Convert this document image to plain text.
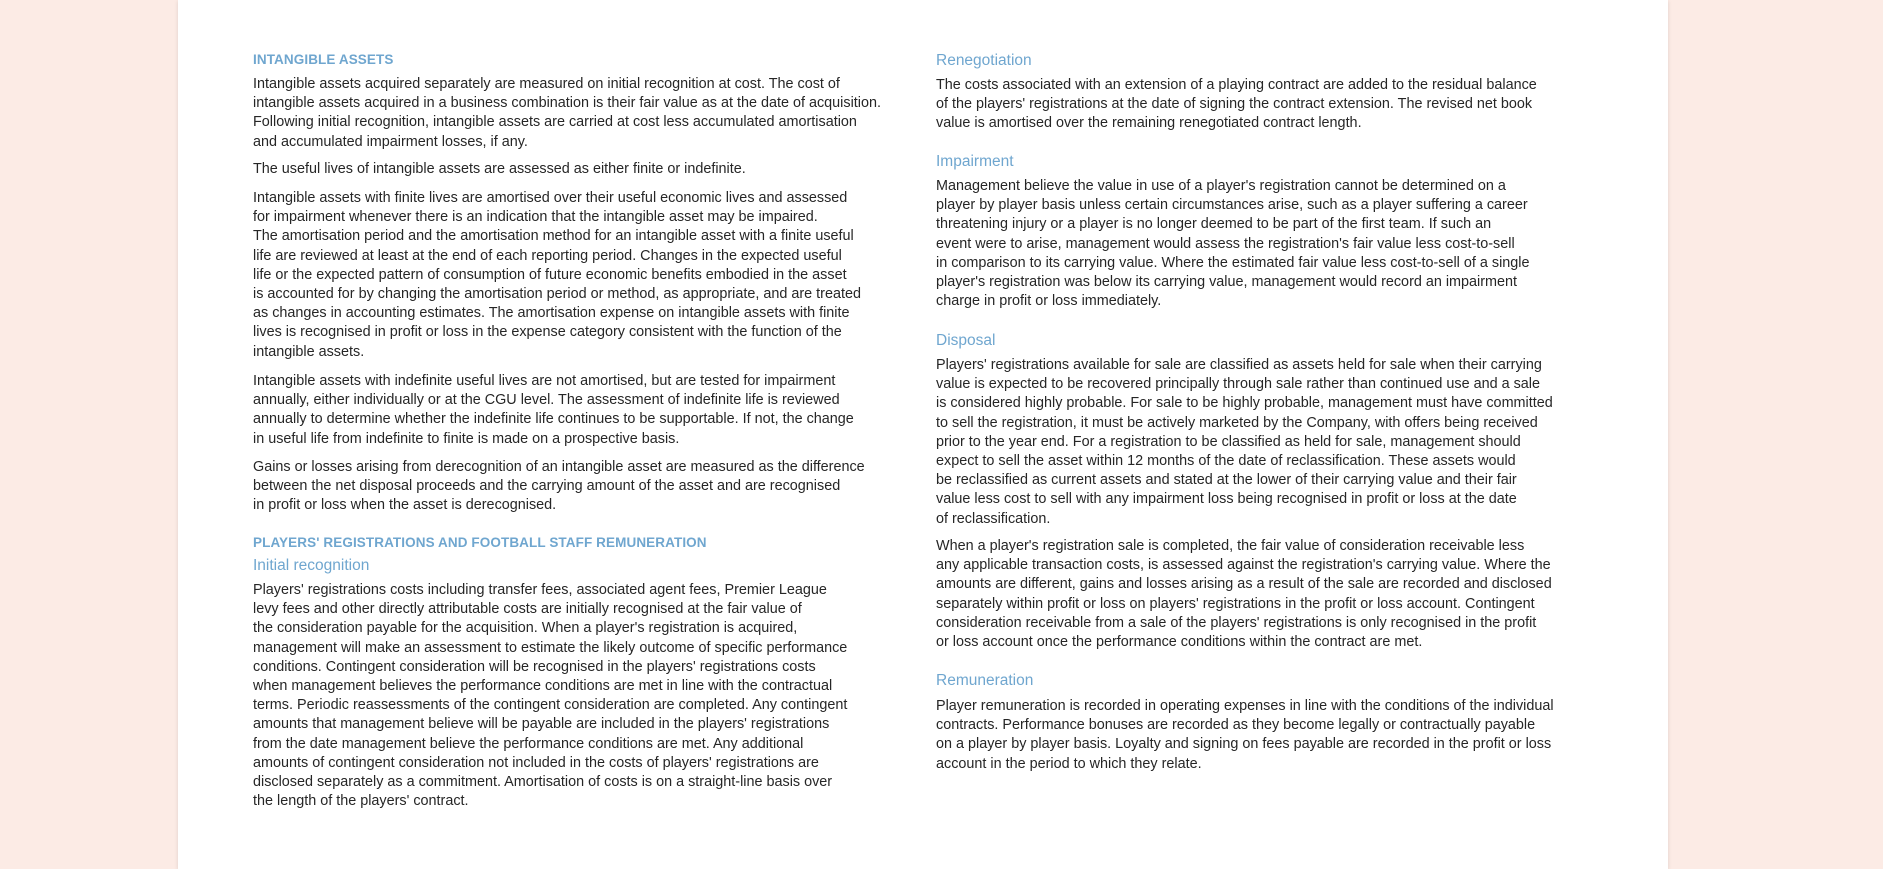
INTANGIBLE ASSETS
Intangible assets acquired separately are measured on initial recognition at cost. The cost of
intangible assets acquired in a business combination is their fair value as at the date of acquisition.
Following initial recognition, intangible assets are carried at cost less accumulated amortisation
and accumulated impairment losses, if any.
The useful lives of intangible assets are assessed as either finite or indefinite.
Intangible assets with finite lives are amortised over their useful economic lives and assessed
for impairment whenever there is an indication that the intangible asset may be impaired.
The amortisation period and the amortisation method for an intangible asset with a finite useful
life are reviewed at least at the end of each reporting period. Changes in the expected useful
life or the expected pattern of consumption of future economic benefits embodied in the asset
is accounted for by changing the amortisation period or method, as appropriate, and are treated
as changes in accounting estimates. The amortisation expense on intangible assets with finite
lives is recognised in profit or loss in the expense category consistent with the function of the
intangible assets.
Intangible assets with indefinite useful lives are not amortised, but are tested for impairment
annually, either individually or at the CGU level. The assessment of indefinite life is reviewed
annually to determine whether the indefinite life continues to be supportable. If not, the change
in useful life from indefinite to finite is made on a prospective basis.
Gains or losses arising from derecognition of an intangible asset are measured as the difference
between the net disposal proceeds and the carrying amount of the asset and are recognised
in profit or loss when the asset is derecognised.
PLAYERS' REGISTRATIONS AND FOOTBALL STAFF REMUNERATION
Initial recognition
Players' registrations costs including transfer fees, associated agent fees, Premier League
levy fees and other directly attributable costs are initially recognised at the fair value of
the consideration payable for the acquisition. When a player's registration is acquired,
management will make an assessment to estimate the likely outcome of specific performance
conditions. Contingent consideration will be recognised in the players' registrations costs
when management believes the performance conditions are met in line with the contractual
terms. Periodic reassessments of the contingent consideration are completed. Any contingent
amounts that management believe will be payable are included in the players' registrations
from the date management believe the performance conditions are met. Any additional
amounts of contingent consideration not included in the costs of players' registrations are
disclosed separately as a commitment. Amortisation of costs is on a straight-line basis over
the length of the players' contract.
Renegotiation
The costs associated with an extension of a playing contract are added to the residual balance
of the players' registrations at the date of signing the contract extension. The revised net book
value is amortised over the remaining renegotiated contract length.
Impairment
Management believe the value in use of a player's registration cannot be determined on a
player by player basis unless certain circumstances arise, such as a player suffering a career
threatening injury or a player is no longer deemed to be part of the first team. If such an
event were to arise, management would assess the registration's fair value less cost-to-sell
in comparison to its carrying value. Where the estimated fair value less cost-to-sell of a single
player's registration was below its carrying value, management would record an impairment
charge in profit or loss immediately.
Disposal
Players' registrations available for sale are classified as assets held for sale when their carrying
value is expected to be recovered principally through sale rather than continued use and a sale
is considered highly probable. For sale to be highly probable, management must have committed
to sell the registration, it must be actively marketed by the Company, with offers being received
prior to the year end. For a registration to be classified as held for sale, management should
expect to sell the asset within 12 months of the date of reclassification. These assets would
be reclassified as current assets and stated at the lower of their carrying value and their fair
value less cost to sell with any impairment loss being recognised in profit or loss at the date
of reclassification.
When a player's registration sale is completed, the fair value of consideration receivable less
any applicable transaction costs, is assessed against the registration's carrying value. Where the
amounts are different, gains and losses arising as a result of the sale are recorded and disclosed
separately within profit or loss on players' registrations in the profit or loss account. Contingent
consideration receivable from a sale of the players' registrations is only recognised in the profit
or loss account once the performance conditions within the contract are met.
Remuneration
Player remuneration is recorded in operating expenses in line with the conditions of the individual
contracts. Performance bonuses are recorded as they become legally or contractually payable
on a player by player basis. Loyalty and signing on fees payable are recorded in the profit or loss
account in the period to which they relate.
